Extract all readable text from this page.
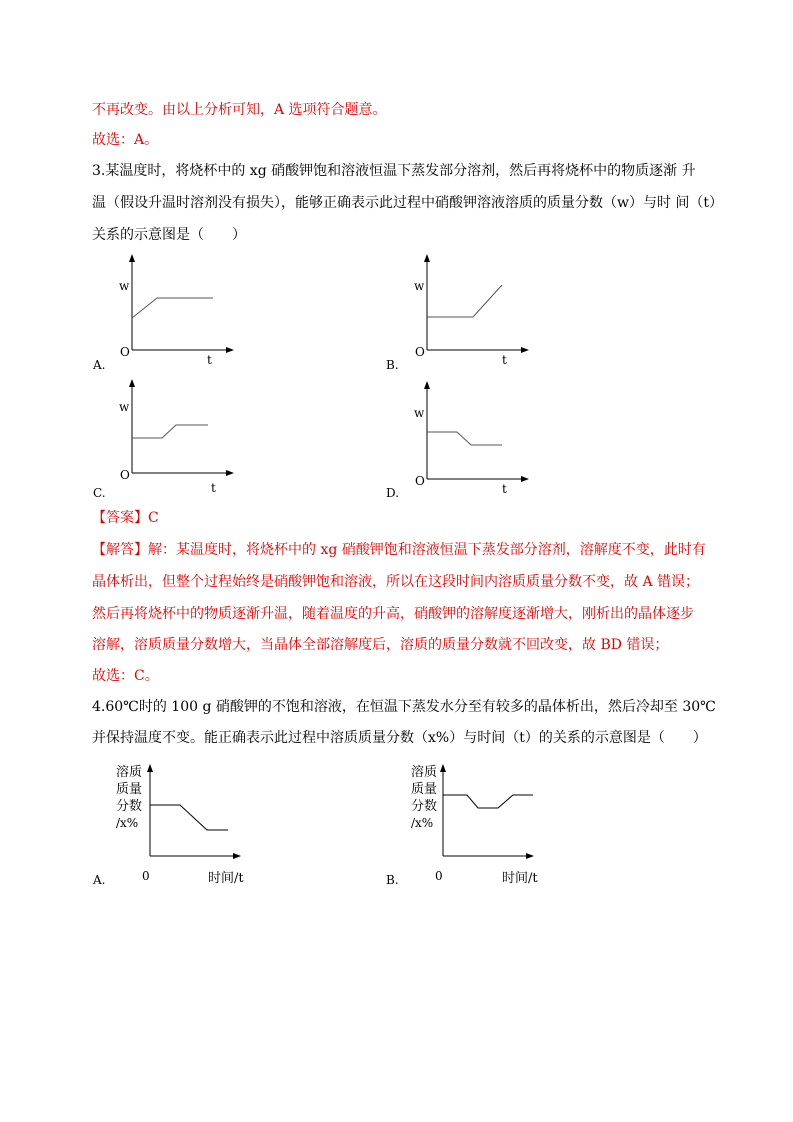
不再改变。由以上分析可知，A 选项符合题意。
故选：A。
3.某温度时，将烧杯中的 xg 硝酸钾饱和溶液恒温下蒸发部分溶剂，然后再将烧杯中的物质逐渐 升
温（假设升温时溶剂没有损失），能够正确表示此过程中硝酸钾溶液溶质的质量分数（w）与时 间（t）
关系的示意图是（　　）
w
O
t
A.
w
O
t
B.
w
O
t
C.
w
O
t
D.
【答案】C
【解答】解：某温度时，将烧杯中的 xg 硝酸钾饱和溶液恒温下蒸发部分溶剂，溶解度不变，此时有
晶体析出，但整个过程始终是硝酸钾饱和溶液，所以在这段时间内溶质质量分数不变，故 A 错误；
然后再将烧杯中的物质逐渐升温，随着温度的升高，硝酸钾的溶解度逐渐增大，刚析出的晶体逐步
溶解，溶质质量分数增大，当晶体全部溶解度后，溶质的质量分数就不回改变，故 BD 错误；
故选：C。
4.60℃时的 100 g 硝酸钾的不饱和溶液，在恒温下蒸发水分至有较多的晶体析出，然后冷却至 30℃
并保持温度不变。能正确表示此过程中溶质质量分数（x%）与时间（t）的关系的示意图是（　　）
溶质
质量
分数
/x%
0	时间/t
A.
溶质
质量
分数
/x%
0	时间/t
B.
